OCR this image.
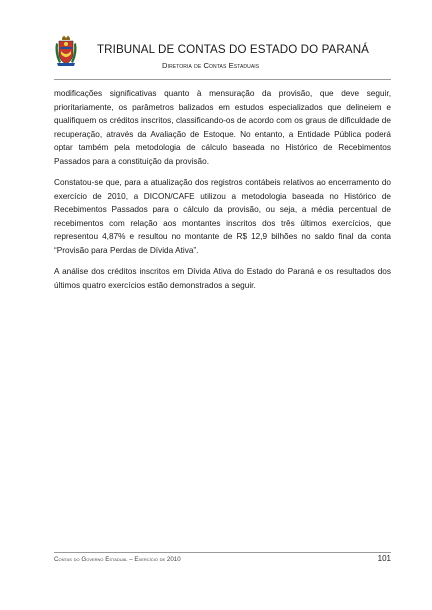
TRIBUNAL DE CONTAS DO ESTADO DO PARANÁ
Diretoria de Contas Estaduais

modificações significativas quanto à mensuração da provisão, que deve seguir, prioritariamente, os parâmetros balizados em estudos especializados que delineiem e qualifiquem os créditos inscritos, classificando-os de acordo com os graus de dificuldade de recuperação, através da Avaliação de Estoque. No entanto, a Entidade Pública poderá optar também pela metodologia de cálculo baseada no Histórico de Recebimentos Passados para a constituição da provisão.

Constatou-se que, para a atualização dos registros contábeis relativos ao encerramento do exercício de 2010, a DICON/CAFE utilizou a metodologia baseada no Histórico de Recebimentos Passados para o cálculo da provisão, ou seja, a média percentual de recebimentos com relação aos montantes inscritos dos três últimos exercícios, que representou 4,87% e resultou no montante de R$ 12,9 bilhões no saldo final da conta “Provisão para Perdas de Dívida Ativa”.

A análise dos créditos inscritos em Dívida Ativa do Estado do Paraná e os resultados dos últimos quatro exercícios estão demonstrados a seguir.

Contas do Governo Estadual – Exercício de 2010	101
